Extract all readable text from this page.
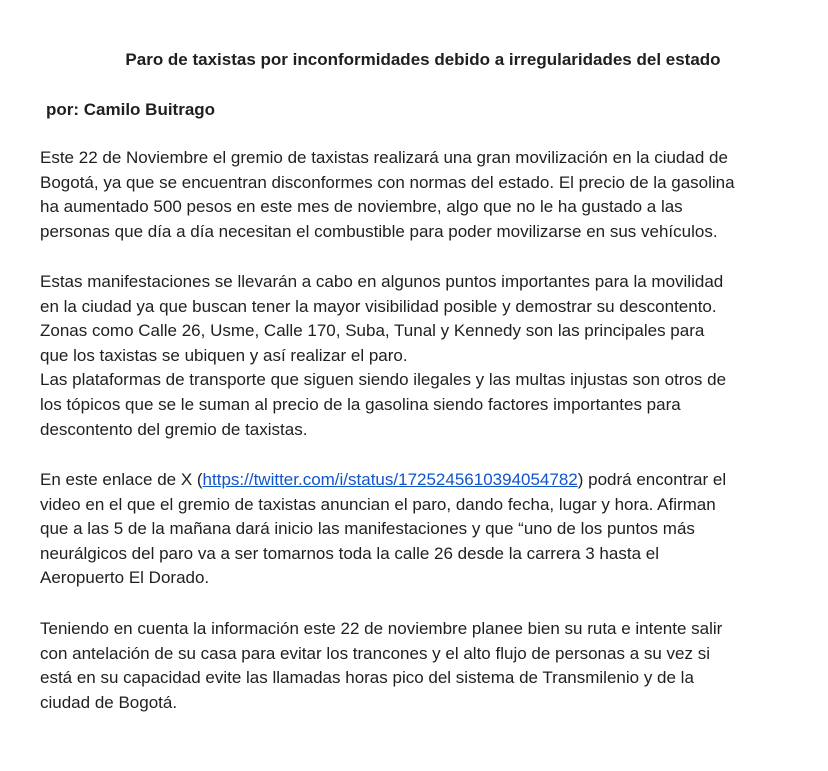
Paro de taxistas por inconformidades debido a irregularidades del estado
por: Camilo Buitrago
Este 22 de Noviembre el gremio de taxistas realizará una gran movilización en la ciudad de
Bogotá, ya que se encuentran disconformes con normas del estado. El precio de la gasolina
ha aumentado 500 pesos en este mes de noviembre, algo que no le ha gustado a las
personas que día a día necesitan el combustible para poder movilizarse en sus vehículos.
Estas manifestaciones se llevarán a cabo en algunos puntos importantes para la movilidad
en la ciudad ya que buscan tener la mayor visibilidad posible y demostrar su descontento.
Zonas como Calle 26, Usme, Calle 170, Suba, Tunal y Kennedy son las principales para
que los taxistas se ubiquen y así realizar el paro.
Las plataformas de transporte que siguen siendo ilegales y las multas injustas son otros de
los tópicos que se le suman al precio de la gasolina siendo factores importantes para
descontento del gremio de taxistas.
En este enlace de X (https://twitter.com/i/status/1725245610394054782) podrá encontrar el
video en el que el gremio de taxistas anuncian el paro, dando fecha, lugar y hora. Afirman
que a las 5 de la mañana dará inicio las manifestaciones y que “uno de los puntos más
neurálgicos del paro va a ser tomarnos toda la calle 26 desde la carrera 3 hasta el
Aeropuerto El Dorado.
Teniendo en cuenta la información este 22 de noviembre planee bien su ruta e intente salir
con antelación de su casa para evitar los trancones y el alto flujo de personas a su vez si
está en su capacidad evite las llamadas horas pico del sistema de Transmilenio y de la
ciudad de Bogotá.
